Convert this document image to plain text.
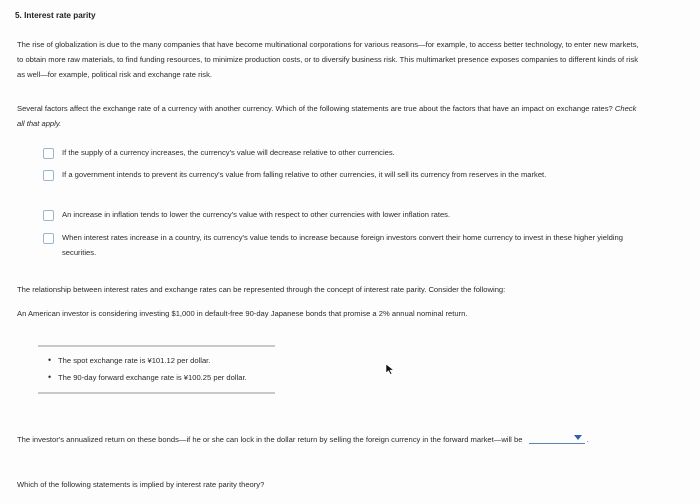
5. Interest rate parity
The rise of globalization is due to the many companies that have become multinational corporations for various reasons—for example, to access better technology, to enter new markets, to obtain more raw materials, to find funding resources, to minimize production costs, or to diversify business risk. This multimarket presence exposes companies to different kinds of risk as well—for example, political risk and exchange rate risk.
Several factors affect the exchange rate of a currency with another currency. Which of the following statements are true about the factors that have an impact on exchange rates? Check all that apply.
If the supply of a currency increases, the currency's value will decrease relative to other currencies.
If a government intends to prevent its currency's value from falling relative to other currencies, it will sell its currency from reserves in the market.
An increase in inflation tends to lower the currency's value with respect to other currencies with lower inflation rates.
When interest rates increase in a country, its currency's value tends to increase because foreign investors convert their home currency to invest in these higher yielding securities.
The relationship between interest rates and exchange rates can be represented through the concept of interest rate parity. Consider the following:
An American investor is considering investing $1,000 in default-free 90-day Japanese bonds that promise a 2% annual nominal return.
• The spot exchange rate is ¥101.12 per dollar.
• The 90-day forward exchange rate is ¥100.25 per dollar.
The investor's annualized return on these bonds—if he or she can lock in the dollar return by selling the foreign currency in the forward market—will be	.
Which of the following statements is implied by interest rate parity theory?
